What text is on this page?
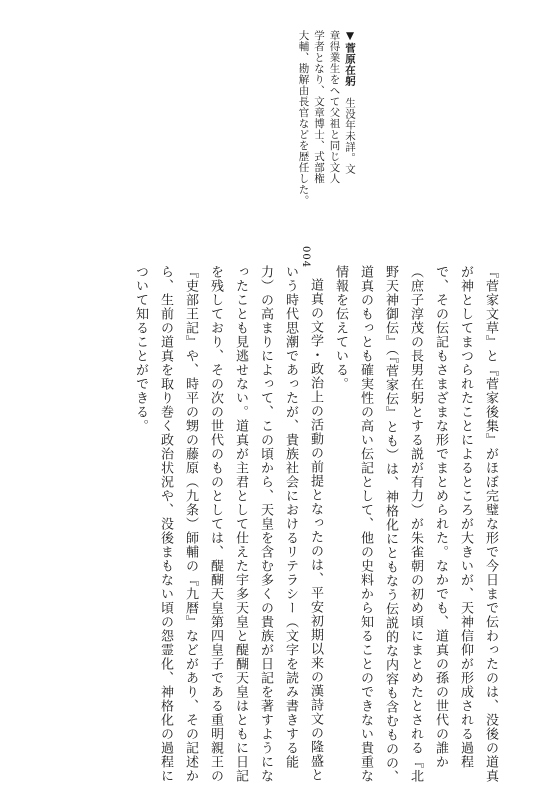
▼菅原在躬　生没年未詳。文
章得業生をへて父祖と同じ文人
学者となり、文章博士、式部権
大輔、勘解由長官などを歴任した。
004

『菅家文草』と『菅家後集』がほぼ完璧な形で今日まで伝わったのは、没後の道真が神としてまつられたことによるところが大きいが、天神信仰が形成される過程で、その伝記もさまざまな形でまとめられた。なかでも、道真の孫の世代の誰か（庶子淳茂の長男在躬とする説が有力）が朱雀朝の初め頃にまとめたとされる『北野天神御伝』（『菅家伝』とも）は、神格化にともなう伝説的な内容も含むものの、道真のもっとも確実性の高い伝記として、他の史料から知ることのできない貴重な情報を伝えている。

道真の文学・政治上の活動の前提となったのは、平安初期以来の漢詩文の隆盛という時代思潮であったが、貴族社会におけるリテラシー（文字を読み書きする能力）の高まりによって、この頃から、天皇を含む多くの貴族が日記を著すようになったことも見逃せない。道真が主君として仕えた宇多天皇と醍醐天皇はともに日記を残しており、その次の世代のものとしては、醍醐天皇第四皇子である重明親王の『吏部王記』や、時平の甥の藤原（九条）師輔の『九暦』などがあり、その記述から、生前の道真を取り巻く政治状況や、没後まもない頃の怨霊化、神格化の過程について知ることができる。
